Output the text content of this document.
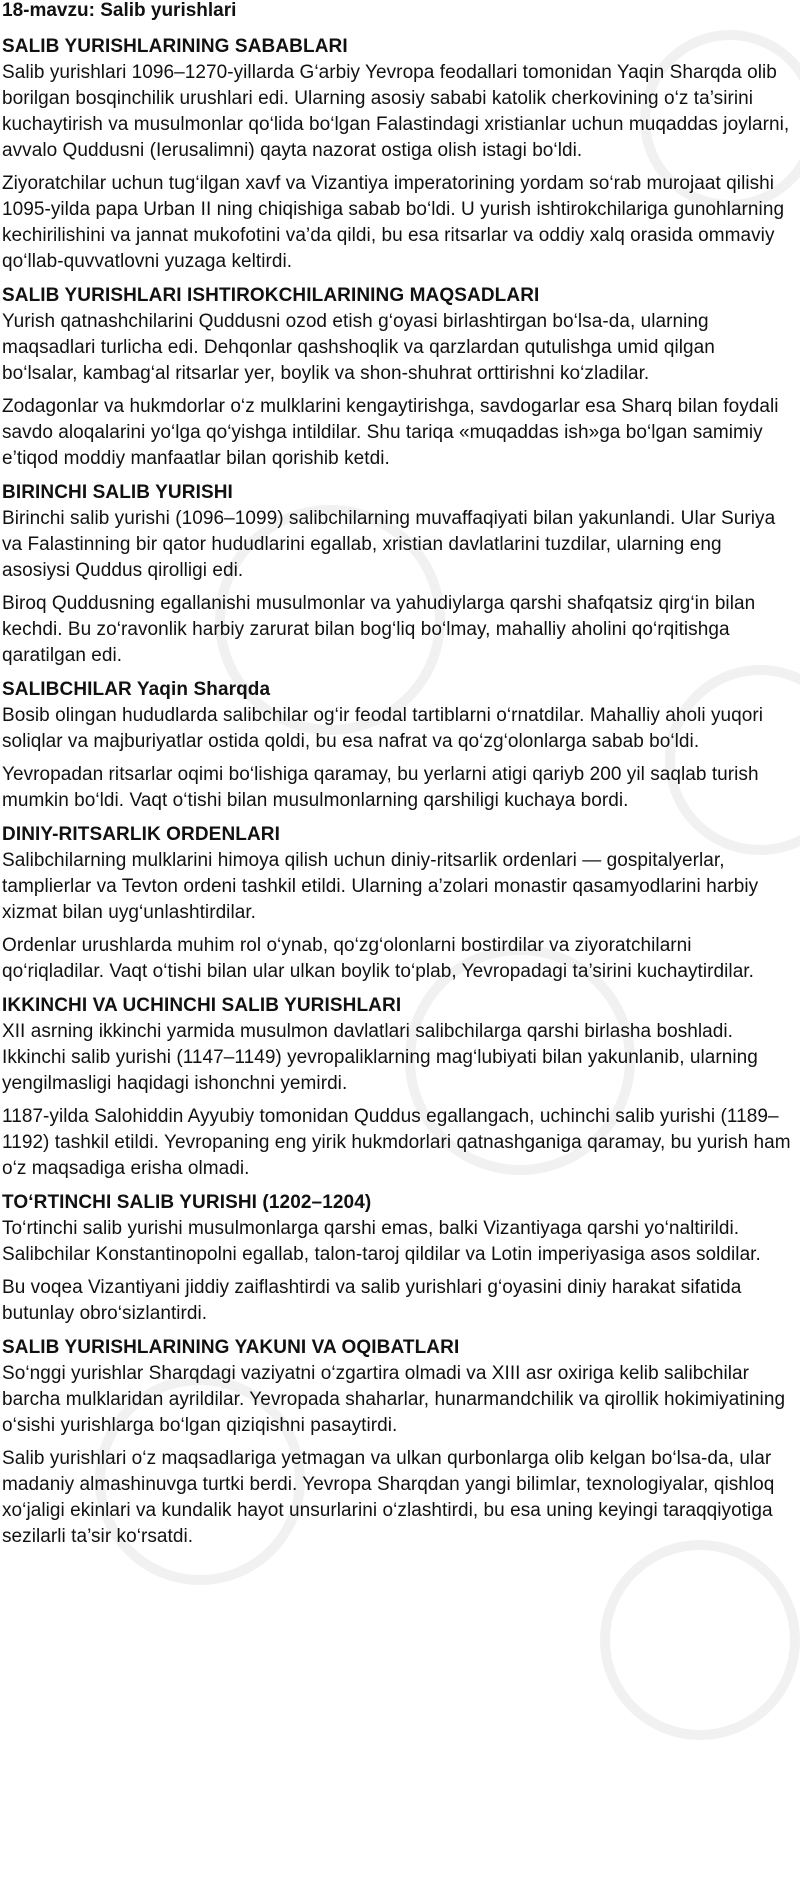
18-mavzu: Salib yurishlari
SALIB YURISHLARINING SABABLARI

Salib yurishlari 1096–1270-yillarda G‘arbiy Yevropa feodallari tomonidan Yaqin Sharqda olib borilgan bosqinchilik urushlari edi. Ularning asosiy sababi katolik cherkovining o‘z ta’sirini kuchaytirish va musulmonlar qo‘lida bo‘lgan Falastindagi xristianlar uchun muqaddas joylarni, avvalo Quddusni (Ierusalimni) qayta nazorat ostiga olish istagi bo‘ldi.

Ziyoratchilar uchun tug‘ilgan xavf va Vizantiya imperatorining yordam so‘rab murojaat qilishi 1095-yilda papa Urban II ning chiqishiga sabab bo‘ldi. U yurish ishtirokchilariga gunohlarning kechirilishini va jannat mukofotini va’da qildi, bu esa ritsarlar va oddiy xalq orasida ommaviy qo‘llab-quvvatlovni yuzaga keltirdi.

SALIB YURISHLARI ISHTIROKCHILARINING MAQSADLARI

Yurish qatnashchilarini Quddusni ozod etish g‘oyasi birlashtirgan bo‘lsa-da, ularning maqsadlari turlicha edi. Dehqonlar qashshoqlik va qarzlardan qutulishga umid qilgan bo‘lsalar, kambag‘al ritsarlar yer, boylik va shon-shuhrat orttirishni ko‘zladilar.

Zodagonlar va hukmdorlar o‘z mulklarini kengaytirishga, savdogarlar esa Sharq bilan foydali savdo aloqalarini yo‘lga qo‘yishga intildilar. Shu tariqa «muqaddas ish»ga bo‘lgan samimiy e’tiqod moddiy manfaatlar bilan qorishib ketdi.

BIRINCHI SALIB YURISHI

Birinchi salib yurishi (1096–1099) salibchilarning muvaffaqiyati bilan yakunlandi. Ular Suriya va Falastinning bir qator hududlarini egallab, xristian davlatlarini tuzdilar, ularning eng asosiysi Quddus qirolligi edi.

Biroq Quddusning egallanishi musulmonlar va yahudiylarga qarshi shafqatsiz qirg‘in bilan kechdi. Bu zo‘ravonlik harbiy zarurat bilan bog‘liq bo‘lmay, mahalliy aholini qo‘rqitishga qaratilgan edi.

SALIBCHILAR Yaqin Sharqda

Bosib olingan hududlarda salibchilar og‘ir feodal tartiblarni o‘rnatdilar. Mahalliy aholi yuqori soliqlar va majburiyatlar ostida qoldi, bu esa nafrat va qo‘zg‘olonlarga sabab bo‘ldi.

Yevropadan ritsarlar oqimi bo‘lishiga qaramay, bu yerlarni atigi qariyb 200 yil saqlab turish mumkin bo‘ldi. Vaqt o‘tishi bilan musulmonlarning qarshiligi kuchaya bordi.

DINIY-RITSARLIK ORDENLARI

Salibchilarning mulklarini himoya qilish uchun diniy-ritsarlik ordenlari — gospitalyerlar, tamplierlar va Tevton ordeni tashkil etildi. Ularning a’zolari monastir qasamyodlarini harbiy xizmat bilan uyg‘unlashtirdilar.

Ordenlar urushlarda muhim rol o‘ynab, qo‘zg‘olonlarni bostirdilar va ziyoratchilarni qo‘riqladilar. Vaqt o‘tishi bilan ular ulkan boylik to‘plab, Yevropadagi ta’sirini kuchaytirdilar.

IKKINCHI VA UCHINCHI SALIB YURISHLARI

XII asrning ikkinchi yarmida musulmon davlatlari salibchilarga qarshi birlasha boshladi. Ikkinchi salib yurishi (1147–1149) yevropaliklarning mag‘lubiyati bilan yakunlanib, ularning yengilmasligi haqidagi ishonchni yemirdi.

1187-yilda Salohiddin Ayyubiy tomonidan Quddus egallangach, uchinchi salib yurishi (1189–1192) tashkil etildi. Yevropaning eng yirik hukmdorlari qatnashganiga qaramay, bu yurish ham o‘z maqsadiga erisha olmadi.

TO‘RTINCHI SALIB YURISHI (1202–1204)

To‘rtinchi salib yurishi musulmonlarga qarshi emas, balki Vizantiyaga qarshi yo‘naltirildi. Salibchilar Konstantinopolni egallab, talon-taroj qildilar va Lotin imperiyasiga asos soldilar.

Bu voqea Vizantiyani jiddiy zaiflashtirdi va salib yurishlari g‘oyasini diniy harakat sifatida butunlay obro‘sizlantirdi.

SALIB YURISHLARINING YAKUNI VA OQIBATLARI

So‘nggi yurishlar Sharqdagi vaziyatni o‘zgartira olmadi va XIII asr oxiriga kelib salibchilar barcha mulklaridan ayrildilar. Yevropada shaharlar, hunarmandchilik va qirollik hokimiyatining o‘sishi yurishlarga bo‘lgan qiziqishni pasaytirdi.

Salib yurishlari o‘z maqsadlariga yetmagan va ulkan qurbonlarga olib kelgan bo‘lsa-da, ular madaniy almashinuvga turtki berdi. Yevropa Sharqdan yangi bilimlar, texnologiyalar, qishloq xo‘jaligi ekinlari va kundalik hayot unsurlarini o‘zlashtirdi, bu esa uning keyingi taraqqiyotiga sezilarli ta’sir ko‘rsatdi.
